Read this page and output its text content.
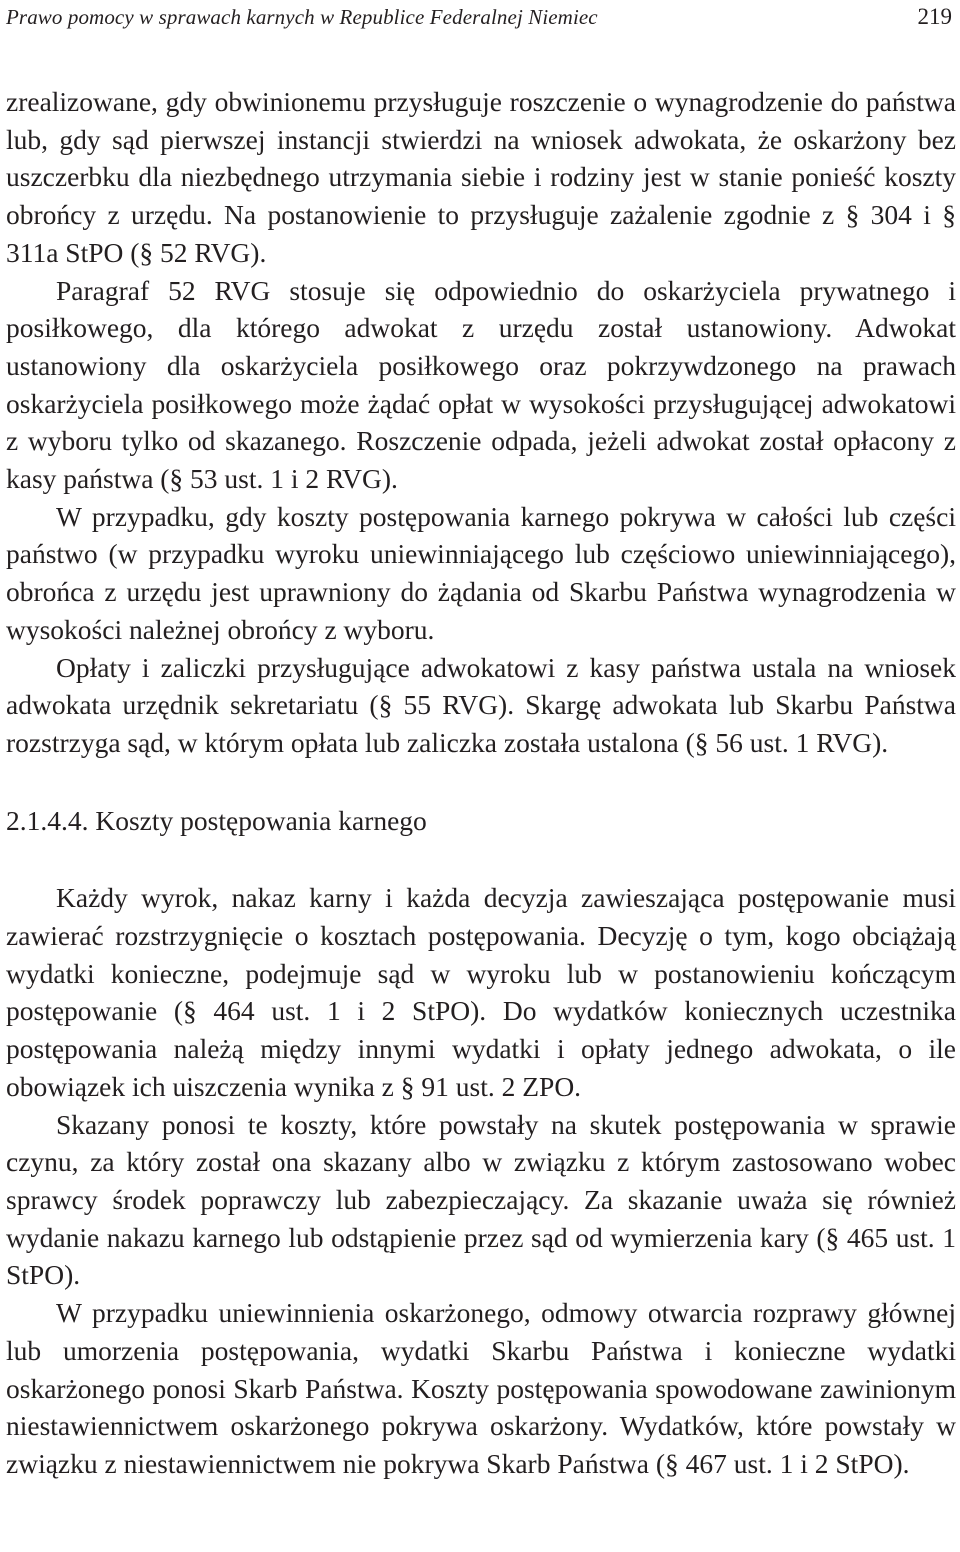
Prawo pomocy w sprawach karnych w Republice Federalnej Niemiec	219

zrealizowane, gdy obwinionemu przysługuje roszczenie o wynagrodzenie do państwa lub, gdy sąd pierwszej instancji stwierdzi na wniosek adwokata, że oskarżony bez uszczerbku dla niezbędnego utrzymania siebie i rodziny jest w stanie ponieść koszty obrońcy z urzędu. Na postanowienie to przysługuje zażalenie zgodnie z § 304 i § 311a StPO (§ 52 RVG).

Paragraf 52 RVG stosuje się odpowiednio do oskarżyciela prywatnego i posiłkowego, dla którego adwokat z urzędu został ustanowiony. Adwokat ustanowiony dla oskarżyciela posiłkowego oraz pokrzywdzonego na prawach oskarżyciela posiłkowego może żądać opłat w wysokości przysługującej adwokatowi z wyboru tylko od skazanego. Roszczenie odpada, jeżeli adwokat został opłacony z kasy państwa (§ 53 ust. 1 i 2 RVG).

W przypadku, gdy koszty postępowania karnego pokrywa w całości lub części państwo (w przypadku wyroku uniewinniającego lub częściowo uniewinniającego), obrońca z urzędu jest uprawniony do żądania od Skarbu Państwa wynagrodzenia w wysokości należnej obrońcy z wyboru.

Opłaty i zaliczki przysługujące adwokatowi z kasy państwa ustala na wniosek adwokata urzędnik sekretariatu (§ 55 RVG). Skargę adwokata lub Skarbu Państwa rozstrzyga sąd, w którym opłata lub zaliczka została ustalona (§ 56 ust. 1 RVG).

2.1.4.4. Koszty postępowania karnego

Każdy wyrok, nakaz karny i każda decyzja zawieszająca postępowanie musi zawierać rozstrzygnięcie o kosztach postępowania. Decyzję o tym, kogo obciążają wydatki konieczne, podejmuje sąd w wyroku lub w postanowieniu kończącym postępowanie (§ 464 ust. 1 i 2 StPO). Do wydatków koniecznych uczestnika postępowania należą między innymi wydatki i opłaty jednego adwokata, o ile obowiązek ich uiszczenia wynika z § 91 ust. 2 ZPO.

Skazany ponosi te koszty, które powstały na skutek postępowania w sprawie czynu, za który został ona skazany albo w związku z którym zastosowano wobec sprawcy środek poprawczy lub zabezpieczający. Za skazanie uważa się również wydanie nakazu karnego lub odstąpienie przez sąd od wymierzenia kary (§ 465 ust. 1 StPO).

W przypadku uniewinnienia oskarżonego, odmowy otwarcia rozprawy głównej lub umorzenia postępowania, wydatki Skarbu Państwa i konieczne wydatki oskarżonego ponosi Skarb Państwa. Koszty postępowania spowodowane zawinionym niestawiennictwem oskarżonego pokrywa oskarżony. Wydatków, które powstały w związku z niestawiennictwem nie pokrywa Skarb Państwa (§ 467 ust. 1 i 2 StPO).
